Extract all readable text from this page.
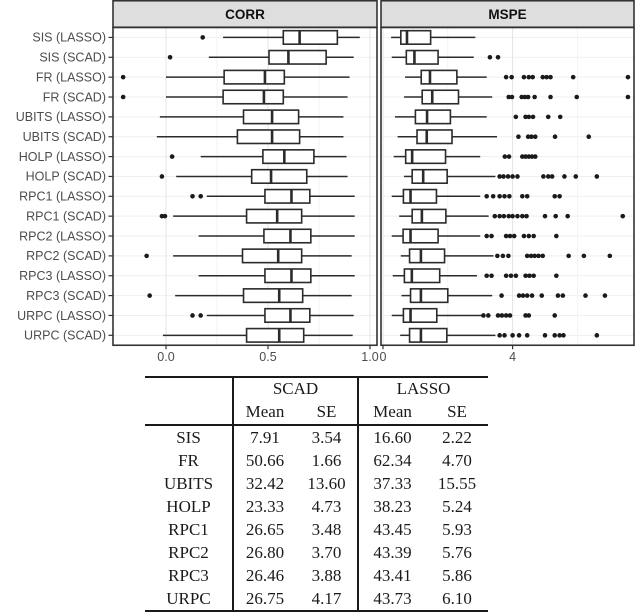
SIS (LASSO)
SIS (SCAD)
FR (LASSO)
FR (SCAD)
UBITS (LASSO)
UBITS (SCAD)
HOLP (LASSO)
HOLP (SCAD)
RPC1 (LASSO)
RPC1 (SCAD)
RPC2 (LASSO)
RPC2 (SCAD)
RPC3 (LASSO)
RPC3 (SCAD)
URPC (LASSO)
URPC (SCAD)
CORR
0.0	0.5	1.0
MSPE
0	4
	SCAD		LASSO	
	Mean	SE	Mean	SE
SIS	7.91	3.54	16.60	2.22
FR	50.66	1.66	62.34	4.70
UBITS	32.42	13.60	37.33	15.55
HOLP	23.33	4.73	38.23	5.24
RPC1	26.65	3.48	43.45	5.93
RPC2	26.80	3.70	43.39	5.76
RPC3	26.46	3.88	43.41	5.86
URPC	26.75	4.17	43.73	6.10
